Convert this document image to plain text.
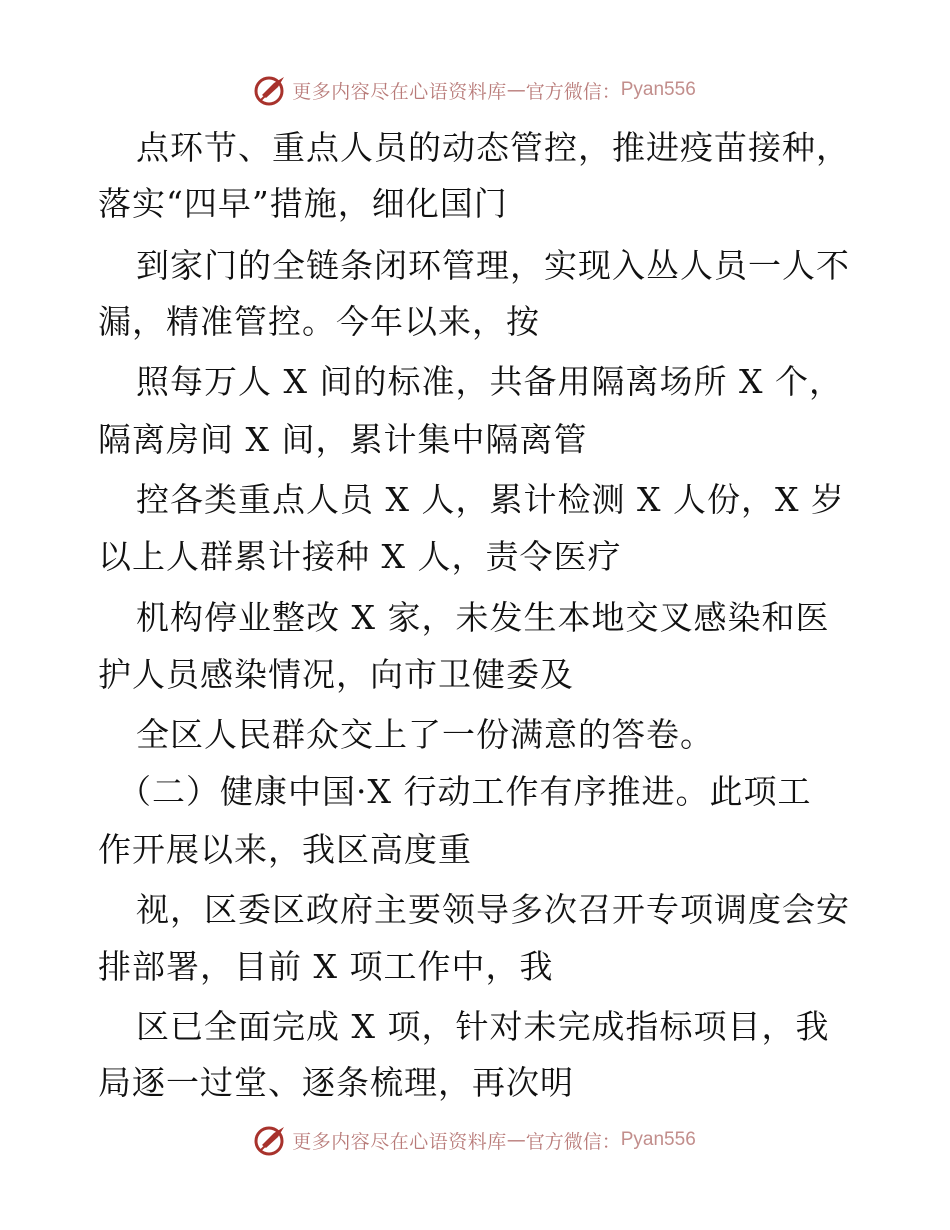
更多内容尽在心语资料库 — 官方微信： Pyan556
点环节、重点人员的动态管控，推进疫苗接种，
落实“四早”措施，细化国门
到家门的全链条闭环管理，实现入丛人员一人不
漏，精准管控。今年以来，按
照每万人 X 间的标准，共备用隔离场所 X 个，
隔离房间 X 间，累计集中隔离管
控各类重点人员 X 人，累计检测 X 人份，X 岁
以上人群累计接种 X 人，责令医疗
机构停业整改 X 家，未发生本地交叉感染和医
护人员感染情况，向市卫健委及
全区人民群众交上了一份满意的答卷。
（二）健康中国·X 行动工作有序推进。此项工
作开展以来，我区高度重
视，区委区政府主要领导多次召开专项调度会安
排部署，目前 X 项工作中，我
区已全面完成 X 项，针对未完成指标项目，我
局逐一过堂、逐条梳理，再次明
更多内容尽在心语资料库 — 官方微信： Pyan556
